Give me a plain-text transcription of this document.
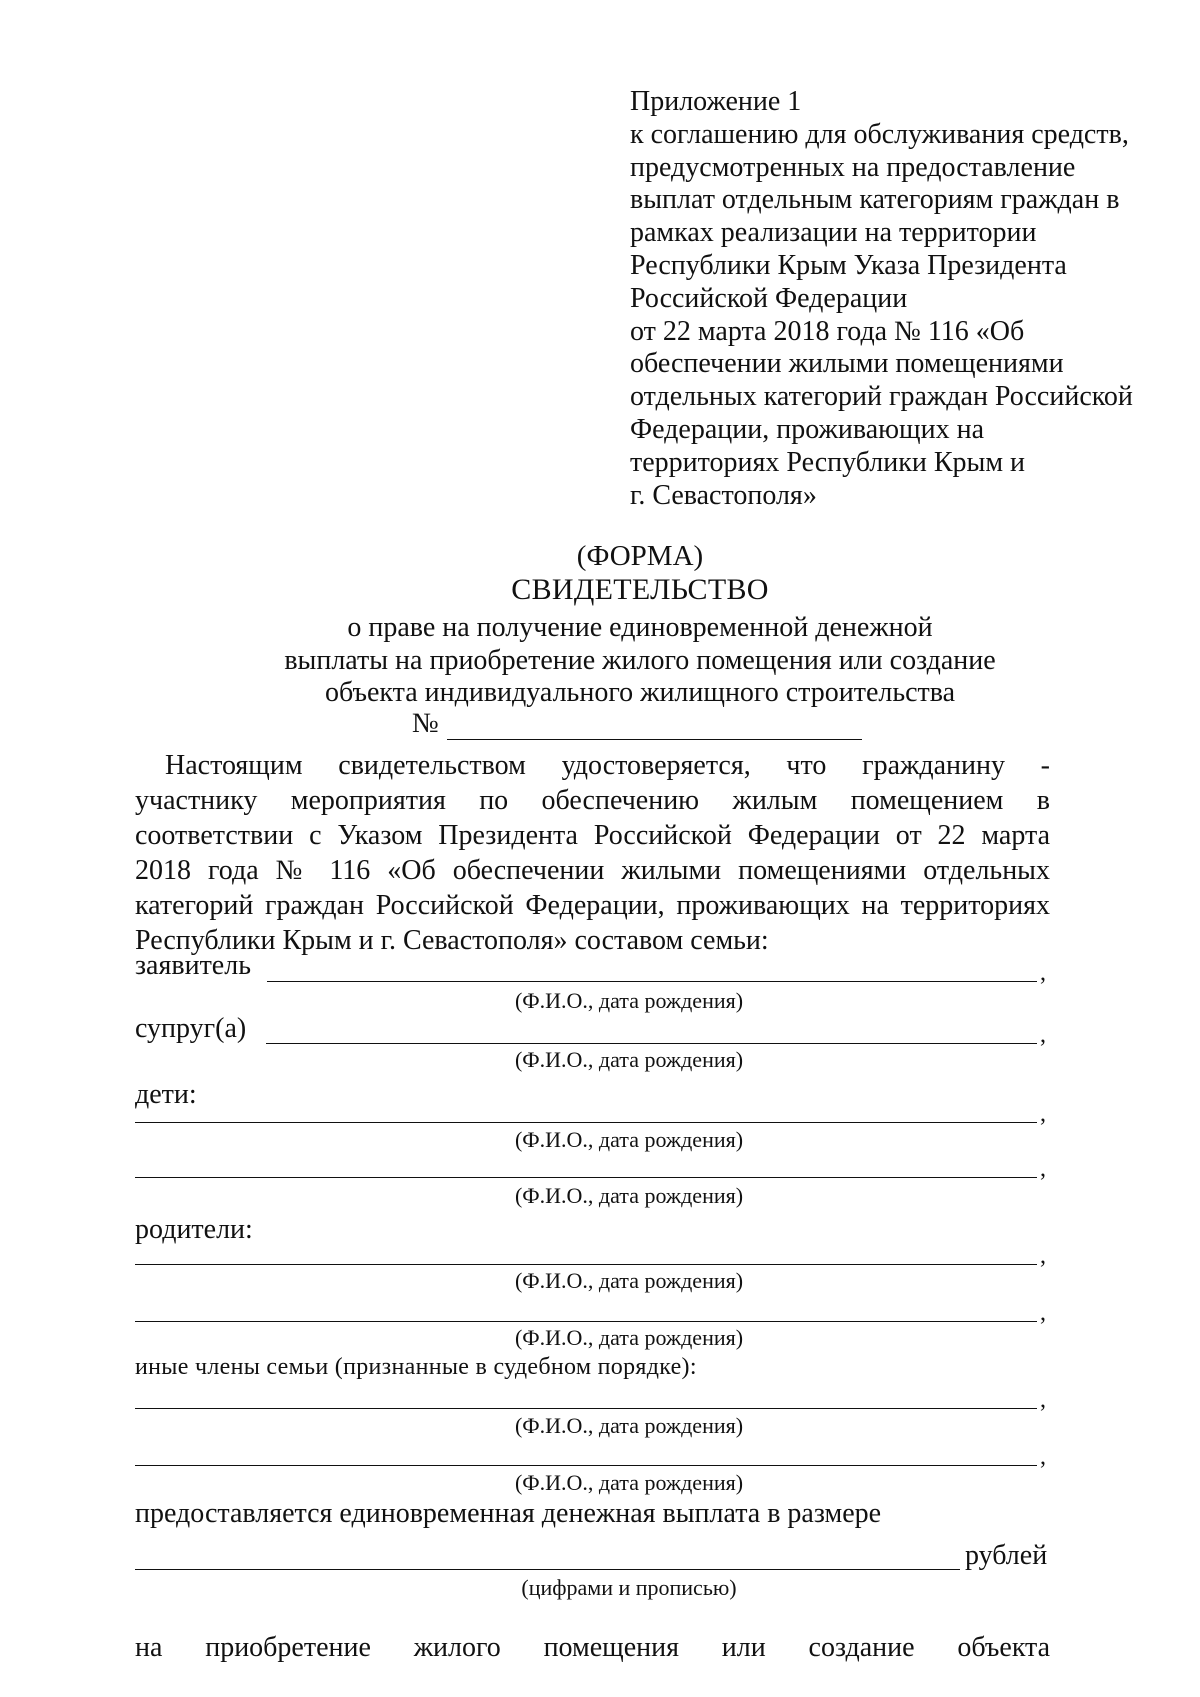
Приложение 1
к соглашению для обслуживания средств,
предусмотренных на предоставление
выплат отдельным категориям граждан в
рамках реализации на территории
Республики Крым Указа Президента
Российской Федерации
от 22 марта 2018 года № 116 «Об
обеспечении жилыми помещениями
отдельных категорий граждан Российской
Федерации, проживающих на
территориях Республики Крым и
г. Севастополя»
(ФОРМА)
СВИДЕТЕЛЬСТВО
о праве на получение единовременной денежной
выплаты на приобретение жилого помещения или создание
объекта индивидуального жилищного строительства
№
Настоящим свидетельством удостоверяется, что гражданину -
участнику мероприятия по обеспечению жилым помещением в
соответствии с Указом Президента Российской Федерации от 22 марта
2018 года № 116 «Об обеспечении жилыми помещениями отдельных
категорий граждан Российской Федерации, проживающих на территориях
Республики Крым и г. Севастополя» составом семьи:
заявитель	,
(Ф.И.О., дата рождения)
супруг(а)	,
(Ф.И.О., дата рождения)
дети:
,
(Ф.И.О., дата рождения)
,
(Ф.И.О., дата рождения)
родители:
,
(Ф.И.О., дата рождения)
,
(Ф.И.О., дата рождения)
иные члены семьи (признанные в судебном порядке):
,
(Ф.И.О., дата рождения)
,
(Ф.И.О., дата рождения)
предоставляется единовременная денежная выплата в размере
рублей
(цифрами и прописью)
на приобретение жилого помещения или создание объекта
